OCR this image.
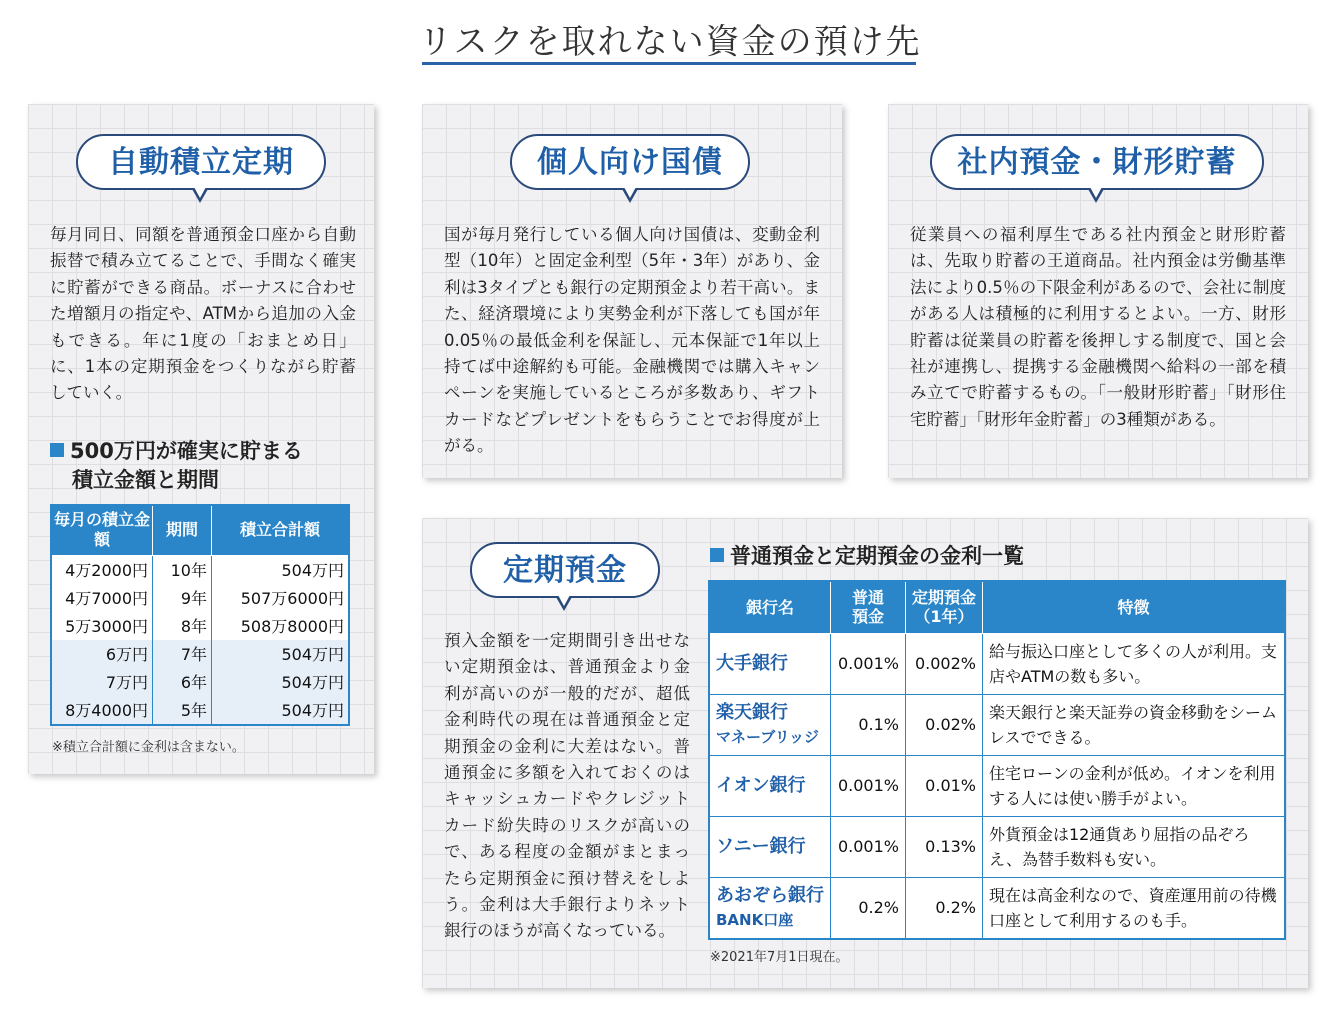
リスクを取れない資金の預け先
自動積立定期
毎月同日、同額を普通預金口座から自動振替で積み立てることで、手間なく確実に貯蓄ができる商品。ボーナスに合わせた増額月の指定や、ATMから追加の入金もできる。年に1度の「おまとめ日」に、1本の定期預金をつくりながら貯蓄していく。
500万円が確実に貯まる
積立金額と期間
毎月の積立金額	期間	積立合計額
4万2000円	10年	504万円
4万7000円	9年	507万6000円
5万3000円	8年	508万8000円
6万円	7年	504万円
7万円	6年	504万円
8万4000円	5年	504万円
※積立合計額に金利は含まない。
個人向け国債
国が毎月発行している個人向け国債は、変動金利型（10年）と固定金利型（5年・3年）があり、金利は3タイプとも銀行の定期預金より若干高い。また、経済環境により実勢金利が下落しても国が年0.05％の最低金利を保証し、元本保証で1年以上持てば中途解約も可能。金融機関では購入キャンペーンを実施しているところが多数あり、ギフトカードなどプレゼントをもらうことでお得度が上がる。
社内預金・財形貯蓄
従業員への福利厚生である社内預金と財形貯蓄は、先取り貯蓄の王道商品。社内預金は労働基準法により0.5％の下限金利があるので、会社に制度がある人は積極的に利用するとよい。一方、財形貯蓄は従業員の貯蓄を後押しする制度で、国と会社が連携し、提携する金融機関へ給料の一部を積み立てで貯蓄するもの。「一般財形貯蓄」「財形住宅貯蓄」「財形年金貯蓄」の3種類がある。
定期預金
預入金額を一定期間引き出せない定期預金は、普通預金より金利が高いのが一般的だが、超低金利時代の現在は普通預金と定期預金の金利に大差はない。普通預金に多額を入れておくのはキャッシュカードやクレジットカード紛失時のリスクが高いので、ある程度の金額がまとまったら定期預金に預け替えをしよう。金利は大手銀行よりネット銀行のほうが高くなっている。
普通預金と定期預金の金利一覧
銀行名	普通預金	定期預金（1年）	特徴
大手銀行	0.001%	0.002%	給与振込口座として多くの人が利用。支店やATMの数も多い。
楽天銀行
マネーブリッジ	0.1%	0.02%	楽天銀行と楽天証券の資金移動をシームレスでできる。
イオン銀行	0.001%	0.01%	住宅ローンの金利が低め。イオンを利用する人には使い勝手がよい。
ソニー銀行	0.001%	0.13%	外貨預金は12通貨あり屈指の品ぞろえ、為替手数料も安い。
あおぞら銀行
BANK口座	0.2%	0.2%	現在は高金利なので、資産運用前の待機口座として利用するのも手。
※2021年7月1日現在。
